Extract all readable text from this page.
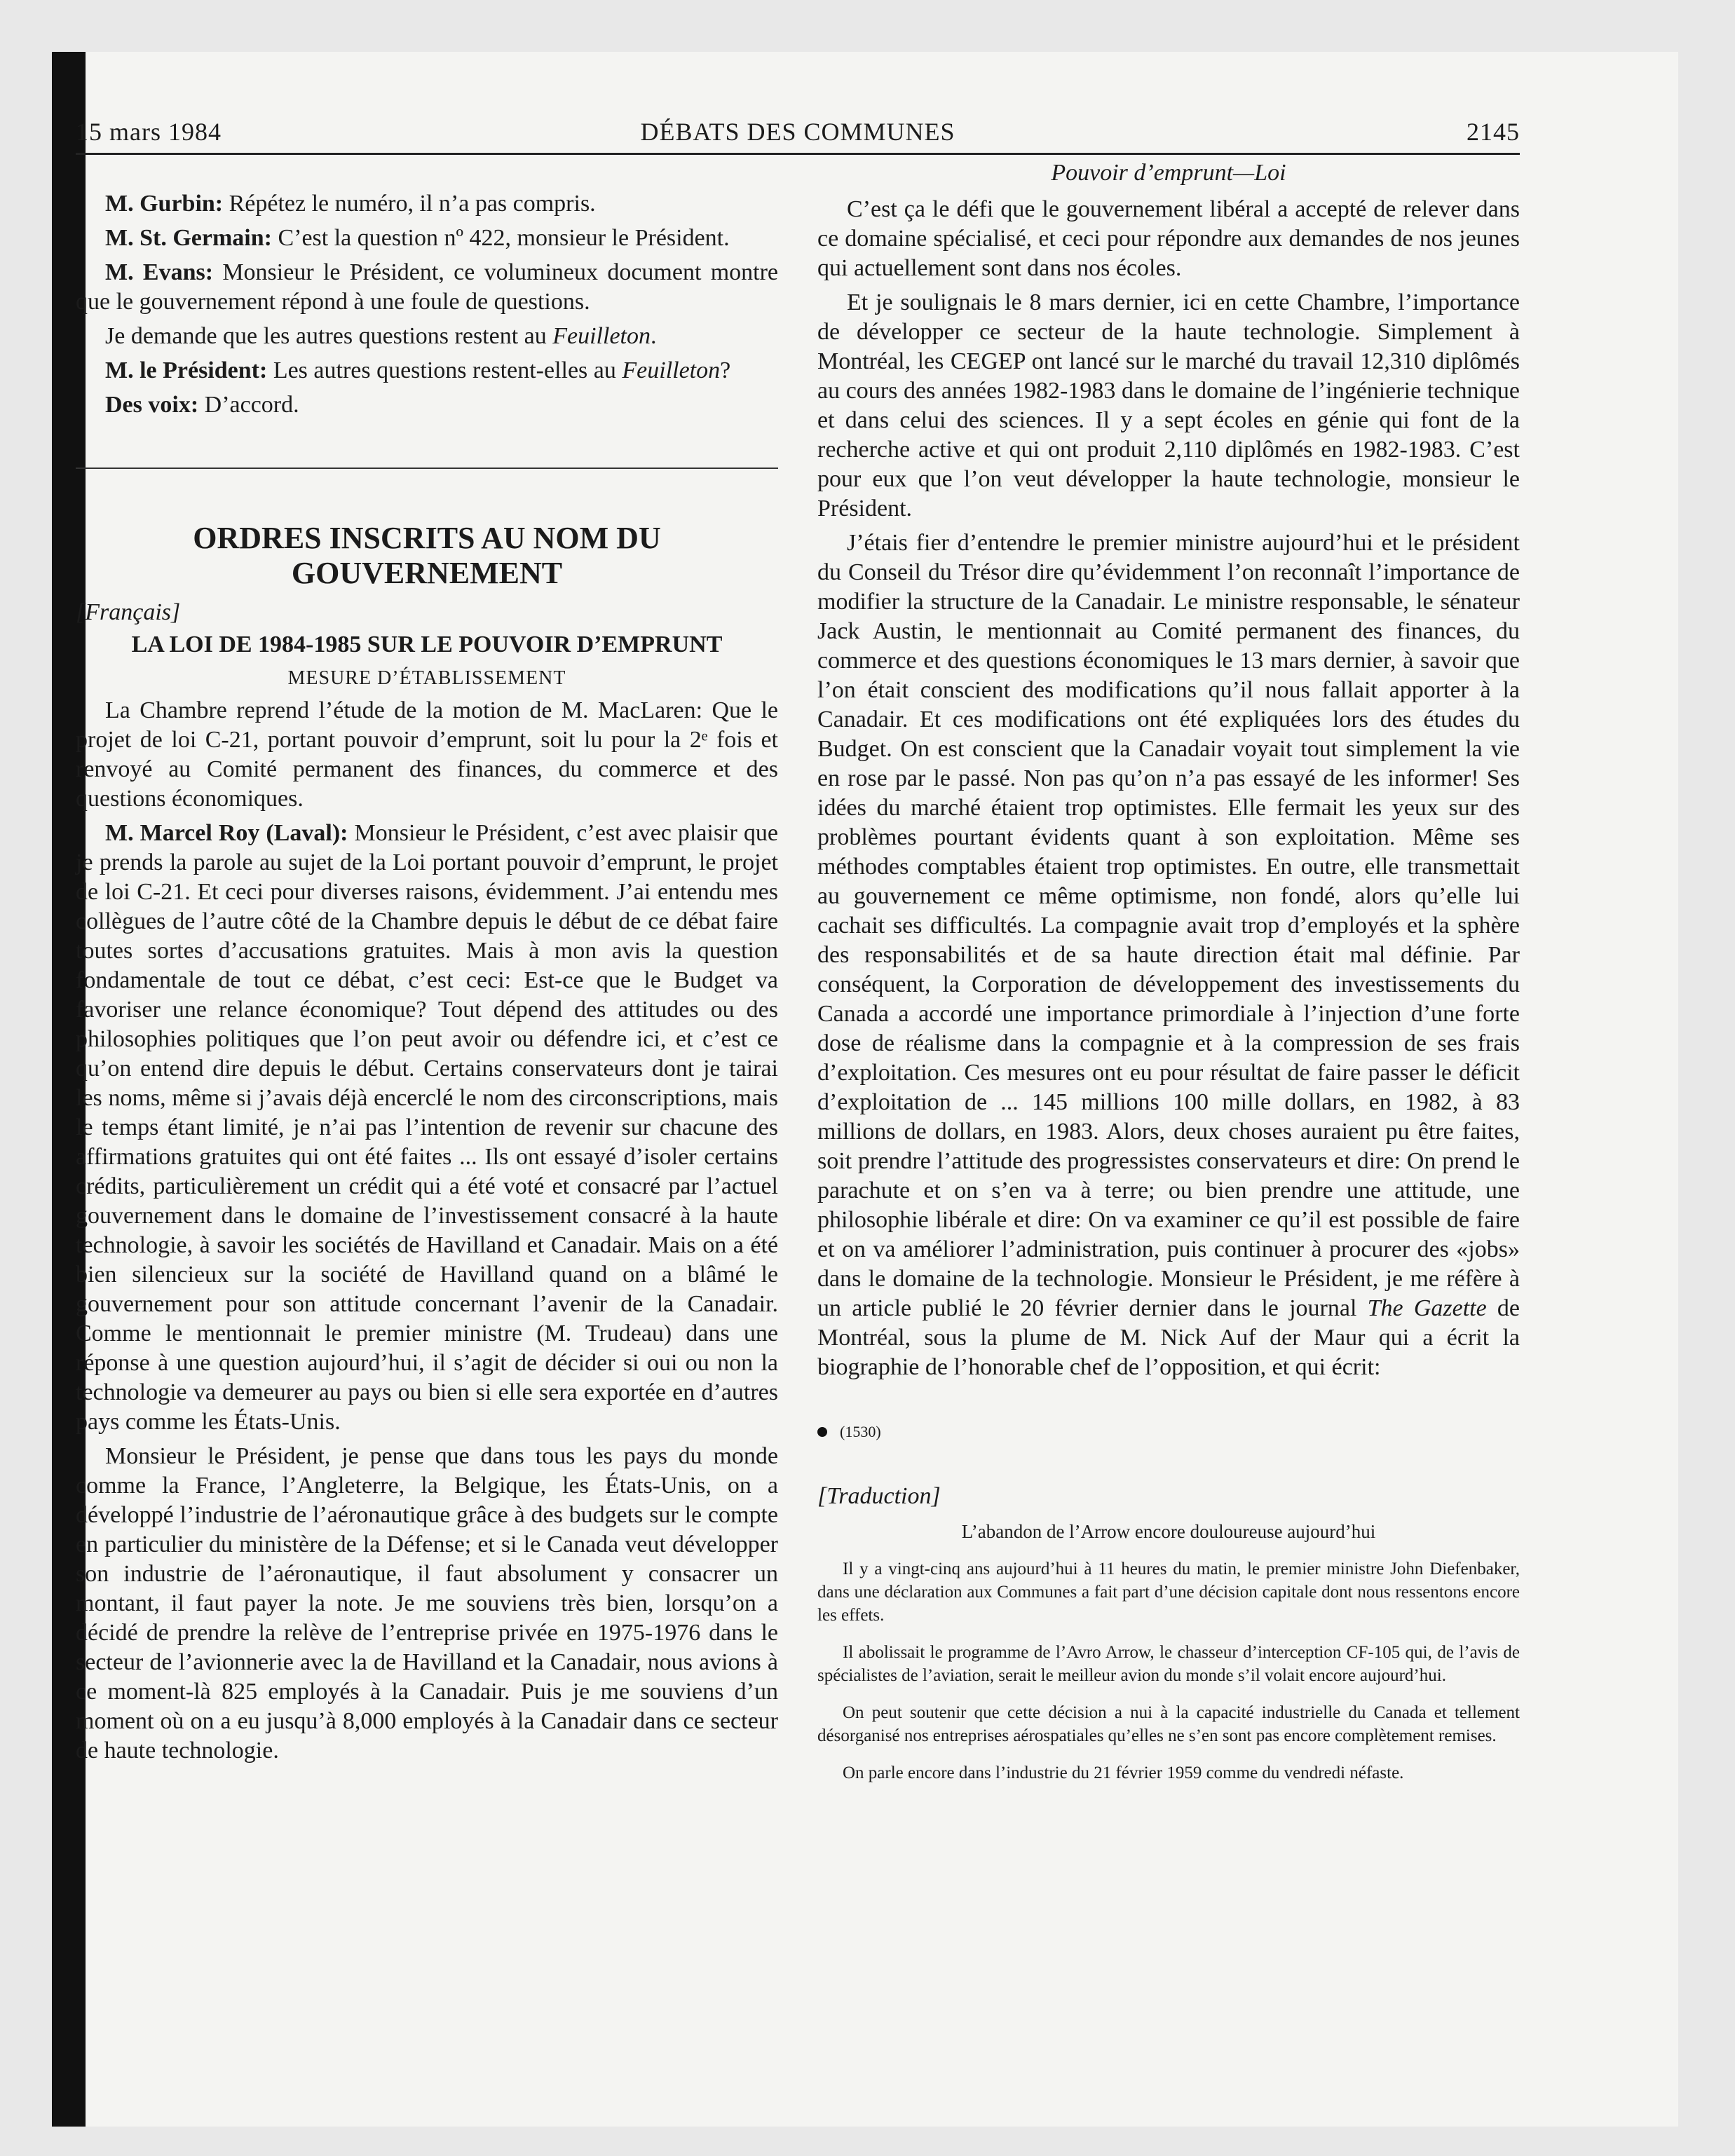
15 mars 1984	DÉBATS DES COMMUNES	2145

M. Gurbin: Répétez le numéro, il n’a pas compris.

M. St. Germain: C’est la question nº 422, monsieur le Président.

M. Evans: Monsieur le Président, ce volumineux document montre que le gouvernement répond à une foule de questions.

Je demande que les autres questions restent au Feuilleton.

M. le Président: Les autres questions restent-elles au Feuilleton?

Des voix: D’accord.

ORDRES INSCRITS AU NOM DU GOUVERNEMENT
[Français]
LA LOI DE 1984-1985 SUR LE POUVOIR D’EMPRUNT
MESURE D’ÉTABLISSEMENT

La Chambre reprend l’étude de la motion de M. MacLaren: Que le projet de loi C-21, portant pouvoir d’emprunt, soit lu pour la 2ᵉ fois et renvoyé au Comité permanent des finances, du commerce et des questions économiques.

M. Marcel Roy (Laval): Monsieur le Président, c’est avec plaisir que je prends la parole au sujet de la Loi portant pouvoir d’emprunt, le projet de loi C-21. Et ceci pour diverses raisons, évidemment. J’ai entendu mes collègues de l’autre côté de la Chambre depuis le début de ce débat faire toutes sortes d’accusations gratuites. Mais à mon avis la question fondamentale de tout ce débat, c’est ceci: Est-ce que le Budget va favoriser une relance économique? Tout dépend des attitudes ou des philosophies politiques que l’on peut avoir ou défendre ici, et c’est ce qu’on entend dire depuis le début. Certains conservateurs dont je tairai les noms, même si j’avais déjà encerclé le nom des circonscriptions, mais le temps étant limité, je n’ai pas l’intention de revenir sur chacune des affirmations gratuites qui ont été faites ... Ils ont essayé d’isoler certains crédits, particulièrement un crédit qui a été voté et consacré par l’actuel gouvernement dans le domaine de l’investissement consacré à la haute technologie, à savoir les sociétés de Havilland et Canadair. Mais on a été bien silencieux sur la société de Havilland quand on a blâmé le gouvernement pour son attitude concernant l’avenir de la Canadair. Comme le mentionnait le premier ministre (M. Trudeau) dans une réponse à une question aujourd’hui, il s’agit de décider si oui ou non la technologie va demeurer au pays ou bien si elle sera exportée en d’autres pays comme les États-Unis.

Monsieur le Président, je pense que dans tous les pays du monde comme la France, l’Angleterre, la Belgique, les États-Unis, on a développé l’industrie de l’aéronautique grâce à des budgets sur le compte en particulier du ministère de la Défense; et si le Canada veut développer son industrie de l’aéronautique, il faut absolument y consacrer un montant, il faut payer la note. Je me souviens très bien, lorsqu’on a décidé de prendre la relève de l’entreprise privée en 1975-1976 dans le secteur de l’avionnerie avec la de Havilland et la Canadair, nous avions à ce moment-là 825 employés à la Canadair. Puis je me souviens d’un moment où on a eu jusqu’à 8,000 employés à la Canadair dans ce secteur de haute technologie.

Pouvoir d’emprunt—Loi

C’est ça le défi que le gouvernement libéral a accepté de relever dans ce domaine spécialisé, et ceci pour répondre aux demandes de nos jeunes qui actuellement sont dans nos écoles.

Et je soulignais le 8 mars dernier, ici en cette Chambre, l’importance de développer ce secteur de la haute technologie. Simplement à Montréal, les CEGEP ont lancé sur le marché du travail 12,310 diplômés au cours des années 1982-1983 dans le domaine de l’ingénierie technique et dans celui des sciences. Il y a sept écoles en génie qui font de la recherche active et qui ont produit 2,110 diplômés en 1982-1983. C’est pour eux que l’on veut développer la haute technologie, monsieur le Président.

J’étais fier d’entendre le premier ministre aujourd’hui et le président du Conseil du Trésor dire qu’évidemment l’on reconnaît l’importance de modifier la structure de la Canadair. Le ministre responsable, le sénateur Jack Austin, le mentionnait au Comité permanent des finances, du commerce et des questions économiques le 13 mars dernier, à savoir que l’on était conscient des modifications qu’il nous fallait apporter à la Canadair. Et ces modifications ont été expliquées lors des études du Budget. On est conscient que la Canadair voyait tout simplement la vie en rose par le passé. Non pas qu’on n’a pas essayé de les informer! Ses idées du marché étaient trop optimistes. Elle fermait les yeux sur des problèmes pourtant évidents quant à son exploitation. Même ses méthodes comptables étaient trop optimistes. En outre, elle transmettait au gouvernement ce même optimisme, non fondé, alors qu’elle lui cachait ses difficultés. La compagnie avait trop d’employés et la sphère des responsabilités et de sa haute direction était mal définie. Par conséquent, la Corporation de développement des investissements du Canada a accordé une importance primordiale à l’injection d’une forte dose de réalisme dans la compagnie et à la compression de ses frais d’exploitation. Ces mesures ont eu pour résultat de faire passer le déficit d’exploitation de ... 145 millions 100 mille dollars, en 1982, à 83 millions de dollars, en 1983. Alors, deux choses auraient pu être faites, soit prendre l’attitude des progressistes conservateurs et dire: On prend le parachute et on s’en va à terre; ou bien prendre une attitude, une philosophie libérale et dire: On va examiner ce qu’il est possible de faire et on va améliorer l’administration, puis continuer à procurer des «jobs» dans le domaine de la technologie. Monsieur le Président, je me réfère à un article publié le 20 février dernier dans le journal The Gazette de Montréal, sous la plume de M. Nick Auf der Maur qui a écrit la biographie de l’honorable chef de l’opposition, et qui écrit:

(1530)
[Traduction]
L’abandon de l’Arrow encore douloureuse aujourd’hui

Il y a vingt-cinq ans aujourd’hui à 11 heures du matin, le premier ministre John Diefenbaker, dans une déclaration aux Communes a fait part d’une décision capitale dont nous ressentons encore les effets.

Il abolissait le programme de l’Avro Arrow, le chasseur d’interception CF-105 qui, de l’avis de spécialistes de l’aviation, serait le meilleur avion du monde s’il volait encore aujourd’hui.

On peut soutenir que cette décision a nui à la capacité industrielle du Canada et tellement désorganisé nos entreprises aérospatiales qu’elles ne s’en sont pas encore complètement remises.

On parle encore dans l’industrie du 21 février 1959 comme du vendredi néfaste.
